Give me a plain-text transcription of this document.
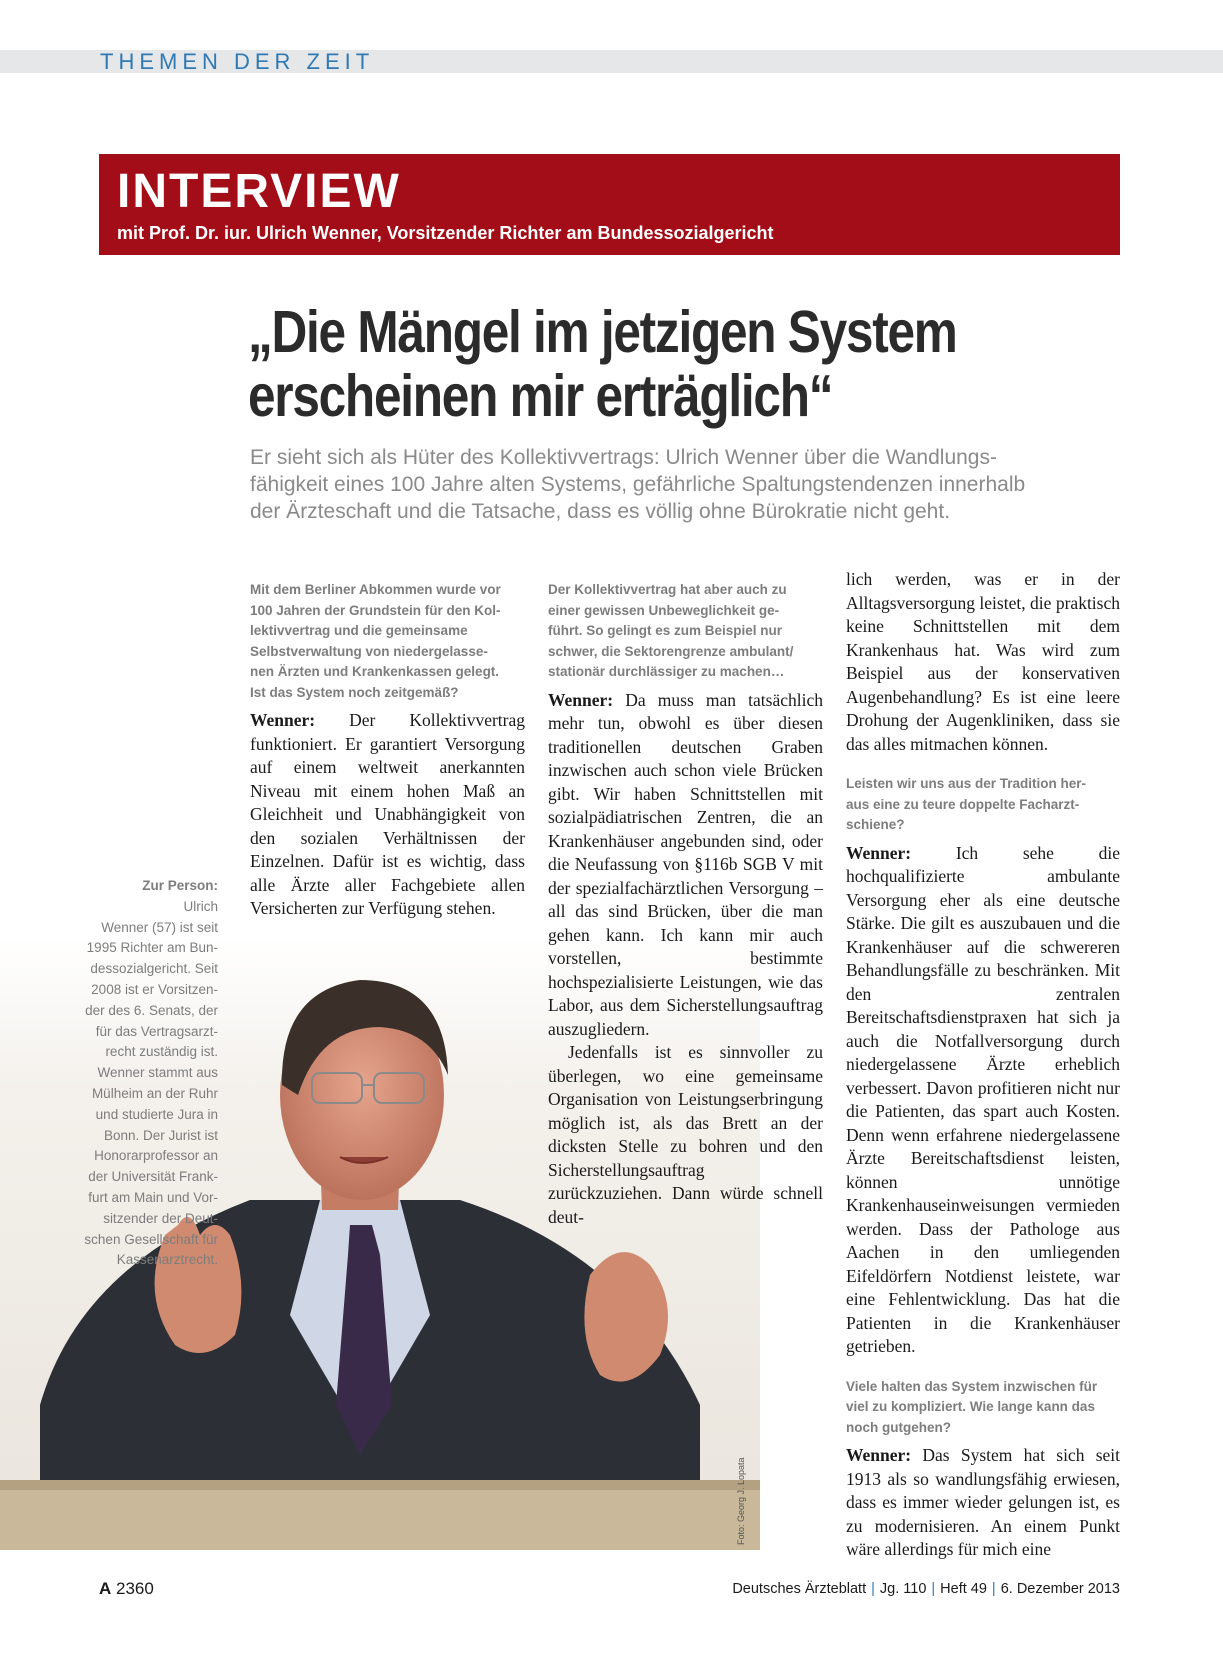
THEMEN DER ZEIT
INTERVIEW
mit Prof. Dr. iur. Ulrich Wenner, Vorsitzender Richter am Bundessozialgericht
„Die Mängel im jetzigen System
erscheinen mir erträglich“
Er sieht sich als Hüter des Kollektivvertrags: Ulrich Wenner über die Wandlungs-
fähigkeit eines 100 Jahre alten Systems, gefährliche Spaltungstendenzen innerhalb
der Ärzteschaft und die Tatsache, dass es völlig ohne Bürokratie nicht geht.
Foto: Georg J. Lopata
Zur Person:
Ulrich
Wenner (57) ist seit
1995 Richter am Bun-
dessozialgericht. Seit
2008 ist er Vorsitzen-
der des 6. Senats, der
für das Vertragsarzt-
recht zuständig ist.
Wenner stammt aus
Mülheim an der Ruhr
und studierte Jura in
Bonn. Der Jurist ist
Honorarprofessor an
der Universität Frank-
furt am Main und Vor-
sitzender der Deut-
schen Gesellschaft für
Kassenarztrecht.
Mit dem Berliner Abkommen wurde vor
100 Jahren der Grundstein für den Kol-
lektivvertrag und die gemeinsame
Selbstverwaltung von niedergelasse-
nen Ärzten und Krankenkassen gelegt.
Ist das System noch zeitgemäß?

Wenner: Der Kollektivvertrag funktioniert. Er garantiert Versorgung auf einem weltweit anerkannten Niveau mit einem hohen Maß an Gleichheit und Unabhängigkeit von den sozialen Verhältnissen der Einzelnen. Dafür ist es wichtig, dass alle Ärzte aller Fachgebiete allen Versicherten zur Verfügung stehen.

Der Kollektivvertrag hat aber auch zu
einer gewissen Unbeweglichkeit ge-
führt. So gelingt es zum Beispiel nur
schwer, die Sektorengrenze ambulant/
stationär durchlässiger zu machen…

Wenner: Da muss man tatsächlich mehr tun, obwohl es über diesen traditionellen deutschen Graben inzwischen auch schon viele Brücken gibt. Wir haben Schnittstellen mit sozialpädiatrischen Zentren, die an Krankenhäuser angebunden sind, oder die Neufassung von §116b SGB V mit der spezialfachärztlichen Versorgung – all das sind Brücken, über die man gehen kann. Ich kann mir auch vorstellen, bestimmte hochspezialisierte Leistungen, wie das Labor, aus dem Sicherstellungsauftrag auszugliedern.

Jedenfalls ist es sinnvoller zu überlegen, wo eine gemeinsame Organisation von Leistungserbringung möglich ist, als das Brett an der dicksten Stelle zu bohren und den Sicherstellungsauftrag zurückzuziehen. Dann würde schnell deut-

lich werden, was er in der Alltagsversorgung leistet, die praktisch keine Schnittstellen mit dem Krankenhaus hat. Was wird zum Beispiel aus der konservativen Augenbehandlung? Es ist eine leere Drohung der Augenkliniken, dass sie das alles mitmachen können.

Leisten wir uns aus der Tradition her-
aus eine zu teure doppelte Facharzt-
schiene?

Wenner:	Ich sehe die hochqualifizierte ambulante Versorgung eher als eine deutsche Stärke. Die gilt es auszubauen und die Krankenhäuser auf die schwereren Behandlungsfälle zu beschränken. Mit den zentralen Bereitschaftsdienstpraxen hat sich ja auch die Notfallversorgung durch niedergelassene Ärzte erheblich verbessert. Davon profitieren nicht nur die Patienten, das spart auch Kosten. Denn wenn erfahrene niedergelassene Ärzte Bereitschaftsdienst leisten, können unnötige Krankenhauseinweisungen vermieden werden. Dass der Pathologe aus Aachen in den umliegenden Eifeldörfern Notdienst leistete, war eine Fehlentwicklung. Das hat die Patienten in die Krankenhäuser getrieben.

Viele halten das System inzwischen für
viel zu kompliziert. Wie lange kann das
noch gutgehen?

Wenner: Das System hat sich seit 1913 als so wandlungsfähig erwiesen, dass es immer wieder gelungen ist, es zu modernisieren. An einem Punkt wäre allerdings für mich eine

A 2360	Deutsches Ärzteblatt | Jg. 110 | Heft 49 | 6. Dezember 2013
